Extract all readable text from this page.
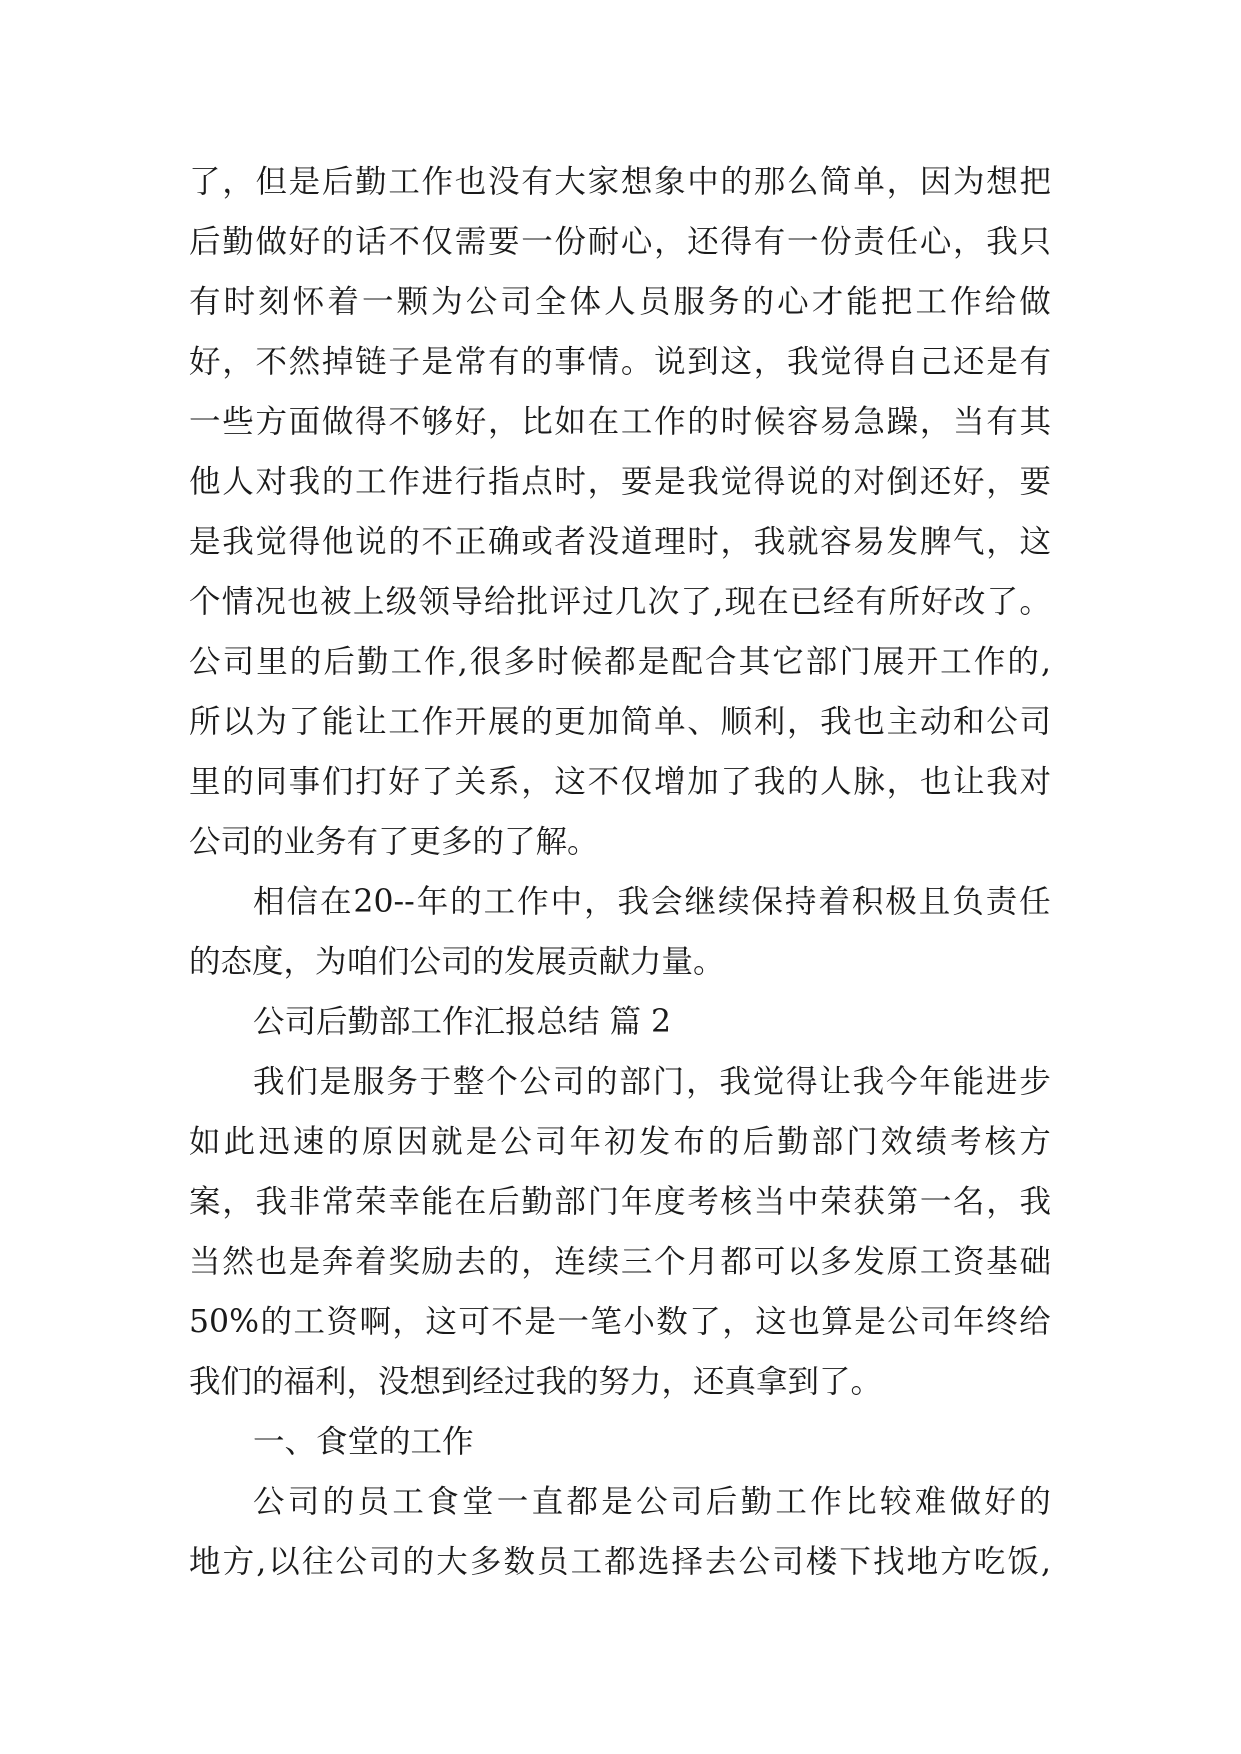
了 ， 但 是 后 勤 工 作 也 没 有 大 家 想 象 中 的 那 么 简 单 ， 因 为 想 把
后 勤 做 好 的 话 不 仅 需 要 一 份 耐 心 ， 还 得 有 一 份 责 任 心 ， 我 只
有 时 刻 怀 着 一 颗 为 公 司 全 体 人 员 服 务 的 心 才 能 把 工 作 给 做
好 ， 不 然 掉 链 子 是 常 有 的 事 情 。 说 到 这 ， 我 觉 得 自 己 还 是 有
一 些 方 面 做 得 不 够 好 ， 比 如 在 工 作 的 时 候 容 易 急 躁 ， 当 有 其
他 人 对 我 的 工 作 进 行 指 点 时 ， 要 是 我 觉 得 说 的 对 倒 还 好 ， 要
是 我 觉 得 他 说 的 不 正 确 或 者 没 道 理 时 ， 我 就 容 易 发 脾 气 ， 这
个 情 况 也 被 上 级 领 导 给 批 评 过 几 次 了 , 现 在 已 经 有 所 好 改 了 。
公 司 里 的 后 勤 工 作 , 很 多 时 候 都 是 配 合 其 它 部 门 展 开 工 作 的 ,
所 以 为 了 能 让 工 作 开 展 的 更 加 简 单 、 顺 利 ， 我 也 主 动 和 公 司
里 的 同 事 们 打 好 了 关 系 ， 这 不 仅 增 加 了 我 的 人 脉 ， 也 让 我 对
公司的业务有了更多的了解。
相 信 在 20-- 年 的 工 作 中 ， 我 会 继 续 保 持 着 积 极 且 负 责 任
的态度，为咱们公司的发展贡献力量。
公司后勤部工作汇报总结 篇 2
我 们 是 服 务 于 整 个 公 司 的 部 门 ， 我 觉 得 让 我 今 年 能 进 步
如 此 迅 速 的 原 因 就 是 公 司 年 初 发 布 的 后 勤 部 门 效 绩 考 核 方
案 ， 我 非 常 荣 幸 能 在 后 勤 部 门 年 度 考 核 当 中 荣 获 第 一 名 ， 我
当 然 也 是 奔 着 奖 励 去 的 ， 连 续 三 个 月 都 可 以 多 发 原 工 资 基 础
50% 的 工 资 啊 ， 这 可 不 是 一 笔 小 数 了 ， 这 也 算 是 公 司 年 终 给
我们的福利，没想到经过我的努力，还真拿到了。
一、食堂的工作
公 司 的 员 工 食 堂 一 直 都 是 公 司 后 勤 工 作 比 较 难 做 好 的
地 方 , 以 往 公 司 的 大 多 数 员 工 都 选 择 去 公 司 楼 下 找 地 方 吃 饭 ,
